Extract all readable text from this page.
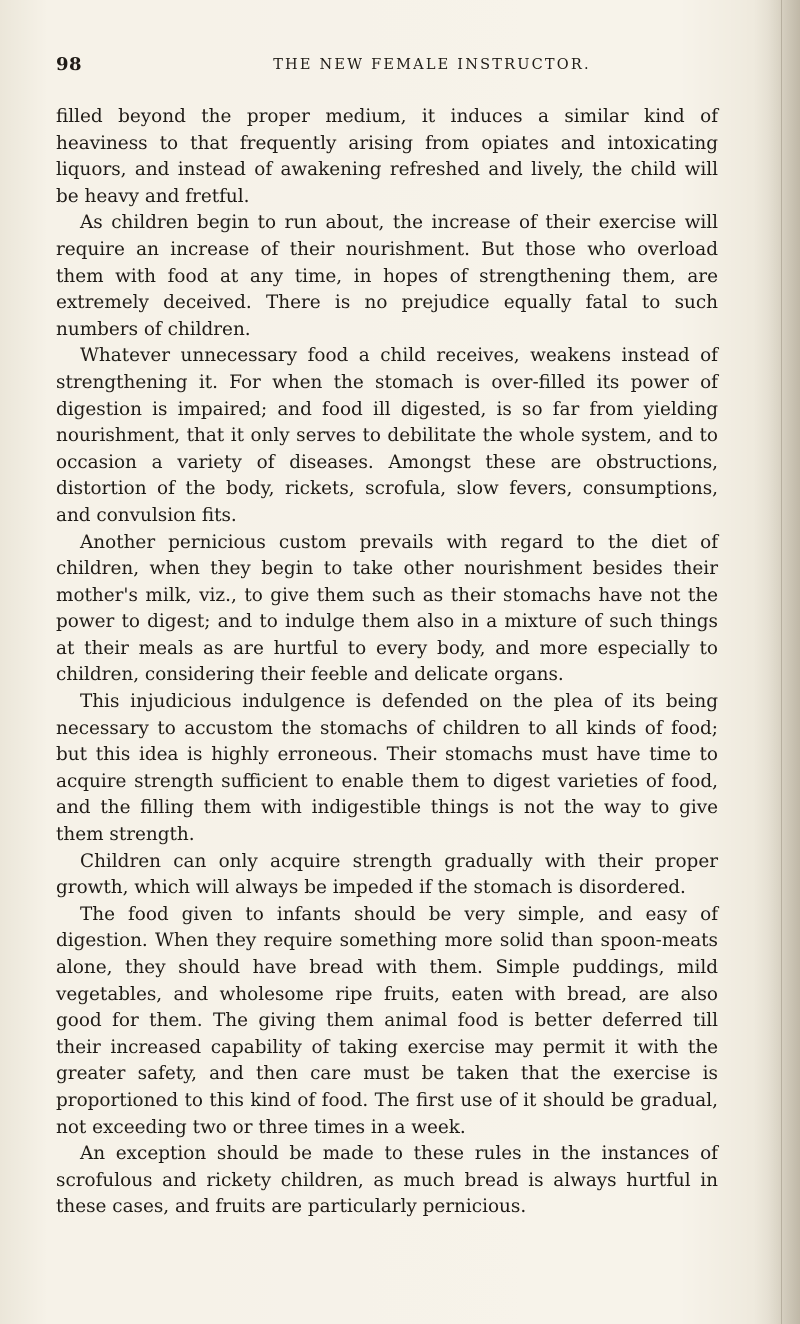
98	THE NEW FEMALE INSTRUCTOR.

filled beyond the proper medium, it induces a similar kind of heaviness to that frequently arising from opiates and intoxicating liquors, and instead of awakening refreshed and lively, the child will be heavy and fretful.

As children begin to run about, the increase of their exercise will require an increase of their nourishment. But those who overload them with food at any time, in hopes of strengthening them, are extremely deceived. There is no prejudice equally fatal to such numbers of children.

Whatever unnecessary food a child receives, weakens instead of strengthening it. For when the stomach is over-filled its power of digestion is impaired; and food ill digested, is so far from yielding nourishment, that it only serves to debilitate the whole system, and to occasion a variety of diseases. Amongst these are obstructions, distortion of the body, rickets, scrofula, slow fevers, consumptions, and convulsion fits.

Another pernicious custom prevails with regard to the diet of children, when they begin to take other nourishment besides their mother's milk, viz., to give them such as their stomachs have not the power to digest; and to indulge them also in a mixture of such things at their meals as are hurtful to every body, and more especially to children, considering their feeble and delicate organs.

This injudicious indulgence is defended on the plea of its being necessary to accustom the stomachs of children to all kinds of food; but this idea is highly erroneous. Their stomachs must have time to acquire strength sufficient to enable them to digest varieties of food, and the filling them with indigestible things is not the way to give them strength.

Children can only acquire strength gradually with their proper growth, which will always be impeded if the stomach is disordered.

The food given to infants should be very simple, and easy of digestion. When they require something more solid than spoon-meats alone, they should have bread with them. Simple puddings, mild vegetables, and wholesome ripe fruits, eaten with bread, are also good for them. The giving them animal food is better deferred till their increased capability of taking exercise may permit it with the greater safety, and then care must be taken that the exercise is proportioned to this kind of food. The first use of it should be gradual, not exceeding two or three times in a week.

An exception should be made to these rules in the instances of scrofulous and rickety children, as much bread is always hurtful in these cases, and fruits are particularly pernicious.
